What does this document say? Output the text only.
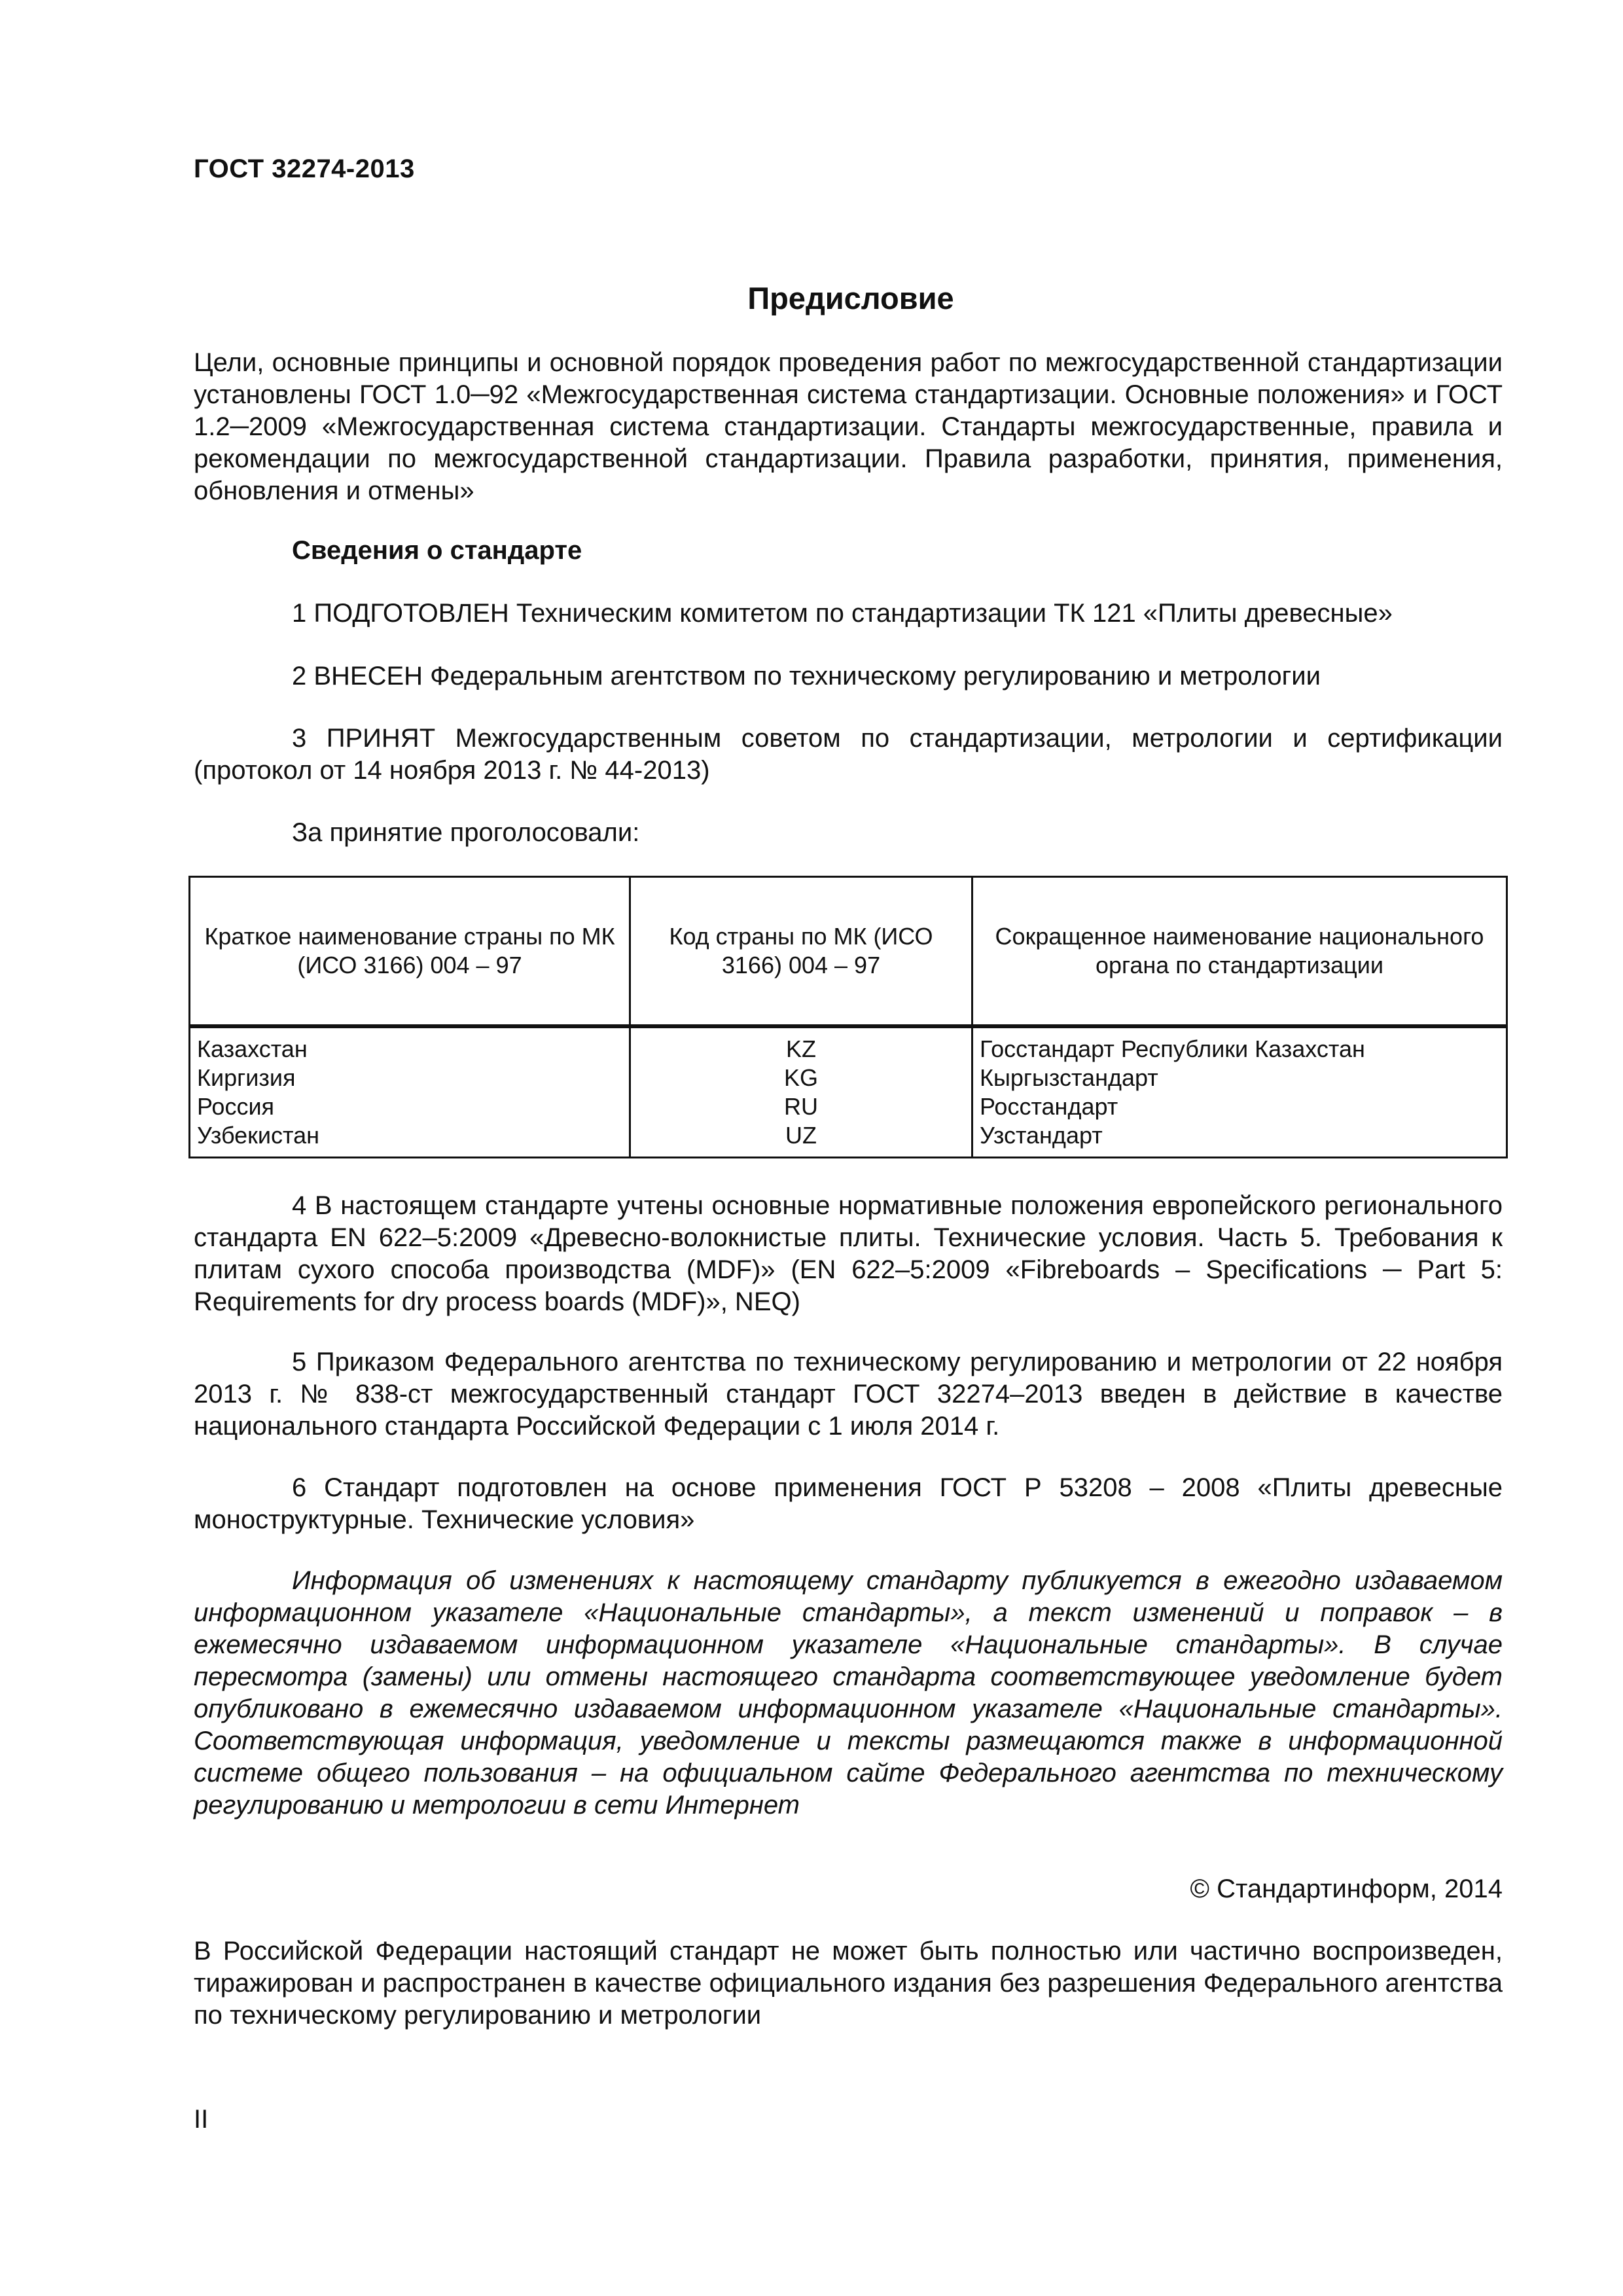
ГОСТ 32274-2013
Предисловие
Цели, основные принципы и основной порядок проведения работ по межгосударственной стандартизации установлены ГОСТ 1.0─92 «Межгосударственная система стандартизации. Основные положения» и ГОСТ 1.2─2009 «Межгосударственная система стандартизации. Стандарты межгосударственные, правила и рекомендации по межгосударственной стандартизации. Правила разработки, принятия, применения, обновления и отмены»
Сведения о стандарте
1 ПОДГОТОВЛЕН Техническим комитетом по стандартизации ТК 121 «Плиты древесные»
2 ВНЕСЕН Федеральным агентством по техническому регулированию и метрологии
3 ПРИНЯТ Межгосударственным советом по стандартизации, метрологии и сертификации (протокол от 14 ноября 2013 г. № 44-2013)
За принятие проголосовали:
Краткое наименование страны по МК (ИСО 3166) 004 – 97	Код страны по МК (ИСО 3166) 004 – 97	Сокращенное наименование национального органа по стандартизации
Казахстан	KZ	Госстандарт Республики Казахстан
Киргизия	KG	Кыргызстандарт
Россия	RU	Росстандарт
Узбекистан	UZ	Узстандарт
4 В настоящем стандарте учтены основные нормативные положения европейского регионального стандарта EN 622–5:2009 «Древесно-волокнистые плиты. Технические условия. Часть 5. Требования к плитам сухого способа производства (MDF)» (EN 622–5:2009 «Fibreboards – Specifications ─ Part 5: Requirements for dry process boards (MDF)», NEQ)
5 Приказом Федерального агентства по техническому регулированию и метрологии от 22 ноября 2013 г. № 838-ст межгосударственный стандарт ГОСТ 32274–2013 введен в действие в качестве национального стандарта Российской Федерации с 1 июля 2014 г.
6 Стандарт подготовлен на основе применения ГОСТ Р 53208 – 2008 «Плиты древесные моноструктурные. Технические условия»
Информация об изменениях к настоящему стандарту публикуется в ежегодно издаваемом информационном указателе «Национальные стандарты», а текст изменений и поправок – в ежемесячно издаваемом информационном указателе «Национальные стандарты». В случае пересмотра (замены) или отмены настоящего стандарта соответствующее уведомление будет опубликовано в ежемесячно издаваемом информационном указателе «Национальные стандарты». Соответствующая информация, уведомление и тексты размещаются также в информационной системе общего пользования – на официальном сайте Федерального агентства по техническому регулированию и метрологии в сети Интернет
© Стандартинформ, 2014
В Российской Федерации настоящий стандарт не может быть полностью или частично воспроизведен, тиражирован и распространен в качестве официального издания без разрешения Федерального агентства по техническому регулированию и метрологии
II
